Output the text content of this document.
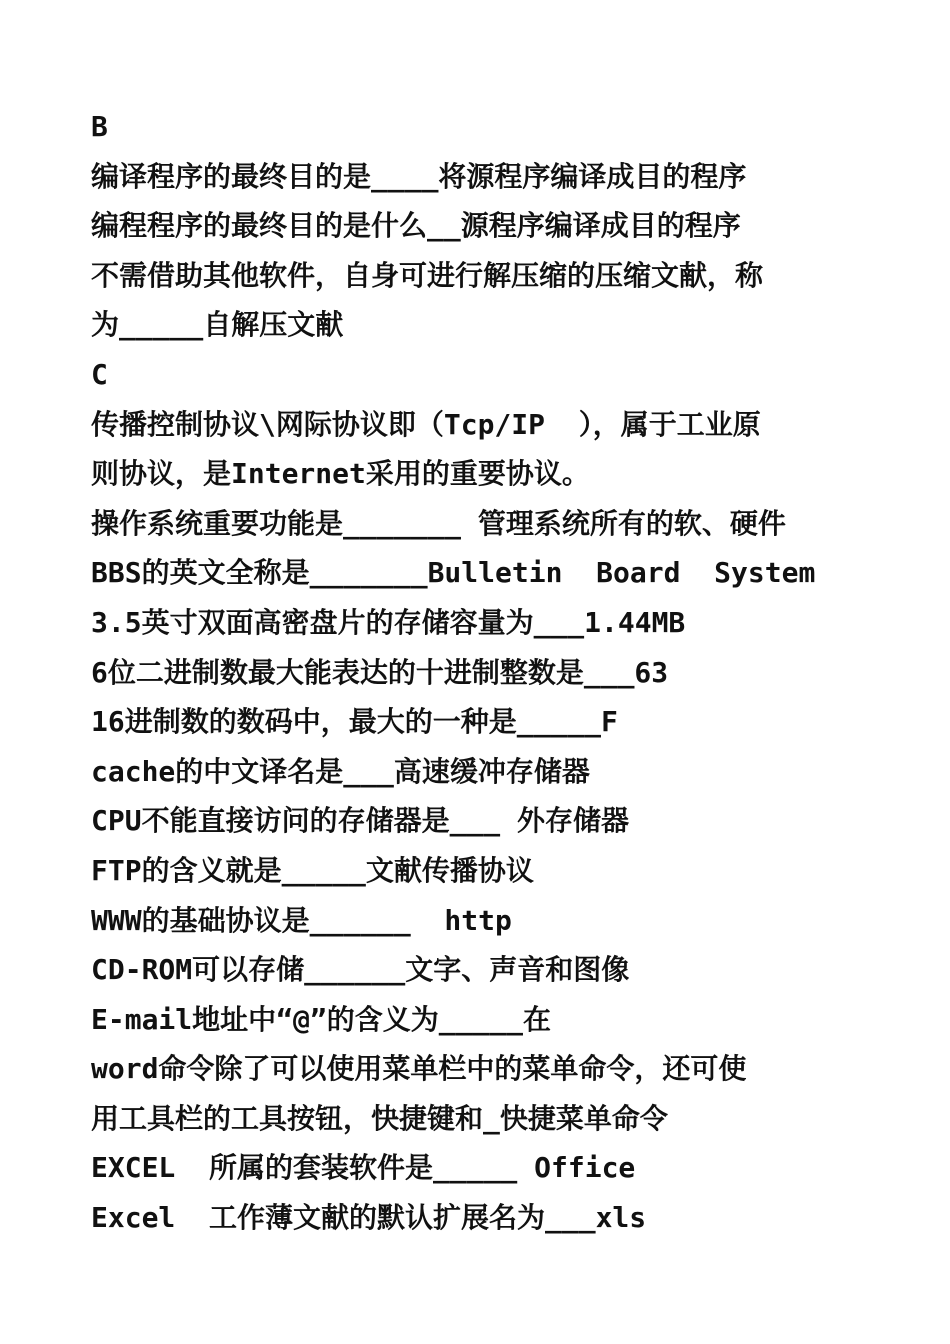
B
编译程序的最终目的是____将源程序编译成目的程序
编程程序的最终目的是什么__源程序编译成目的程序
不需借助其他软件，自身可进行解压缩的压缩文献，称
为_____自解压文献
C
传播控制协议\网际协议即（Tcp/IP  ），属于工业原
则协议，是Internet采用的重要协议。
操作系统重要功能是_______ 管理系统所有的软、硬件
BBS的英文全称是_______Bulletin  Board  System
3.5英寸双面高密盘片的存储容量为___1.44MB
6位二进制数最大能表达的十进制整数是___63
16进制数的数码中，最大的一种是_____F
cache的中文译名是___高速缓冲存储器
CPU不能直接访问的存储器是___ 外存储器
FTP的含义就是_____文献传播协议
WWW的基础协议是______  http
CD-ROM可以存储______文字、声音和图像
E-mail地址中“@”的含义为_____在
word命令除了可以使用菜单栏中的菜单命令，还可使
用工具栏的工具按钮，快捷键和_快捷菜单命令
EXCEL  所属的套装软件是_____ Office
Excel  工作薄文献的默认扩展名为___xls
